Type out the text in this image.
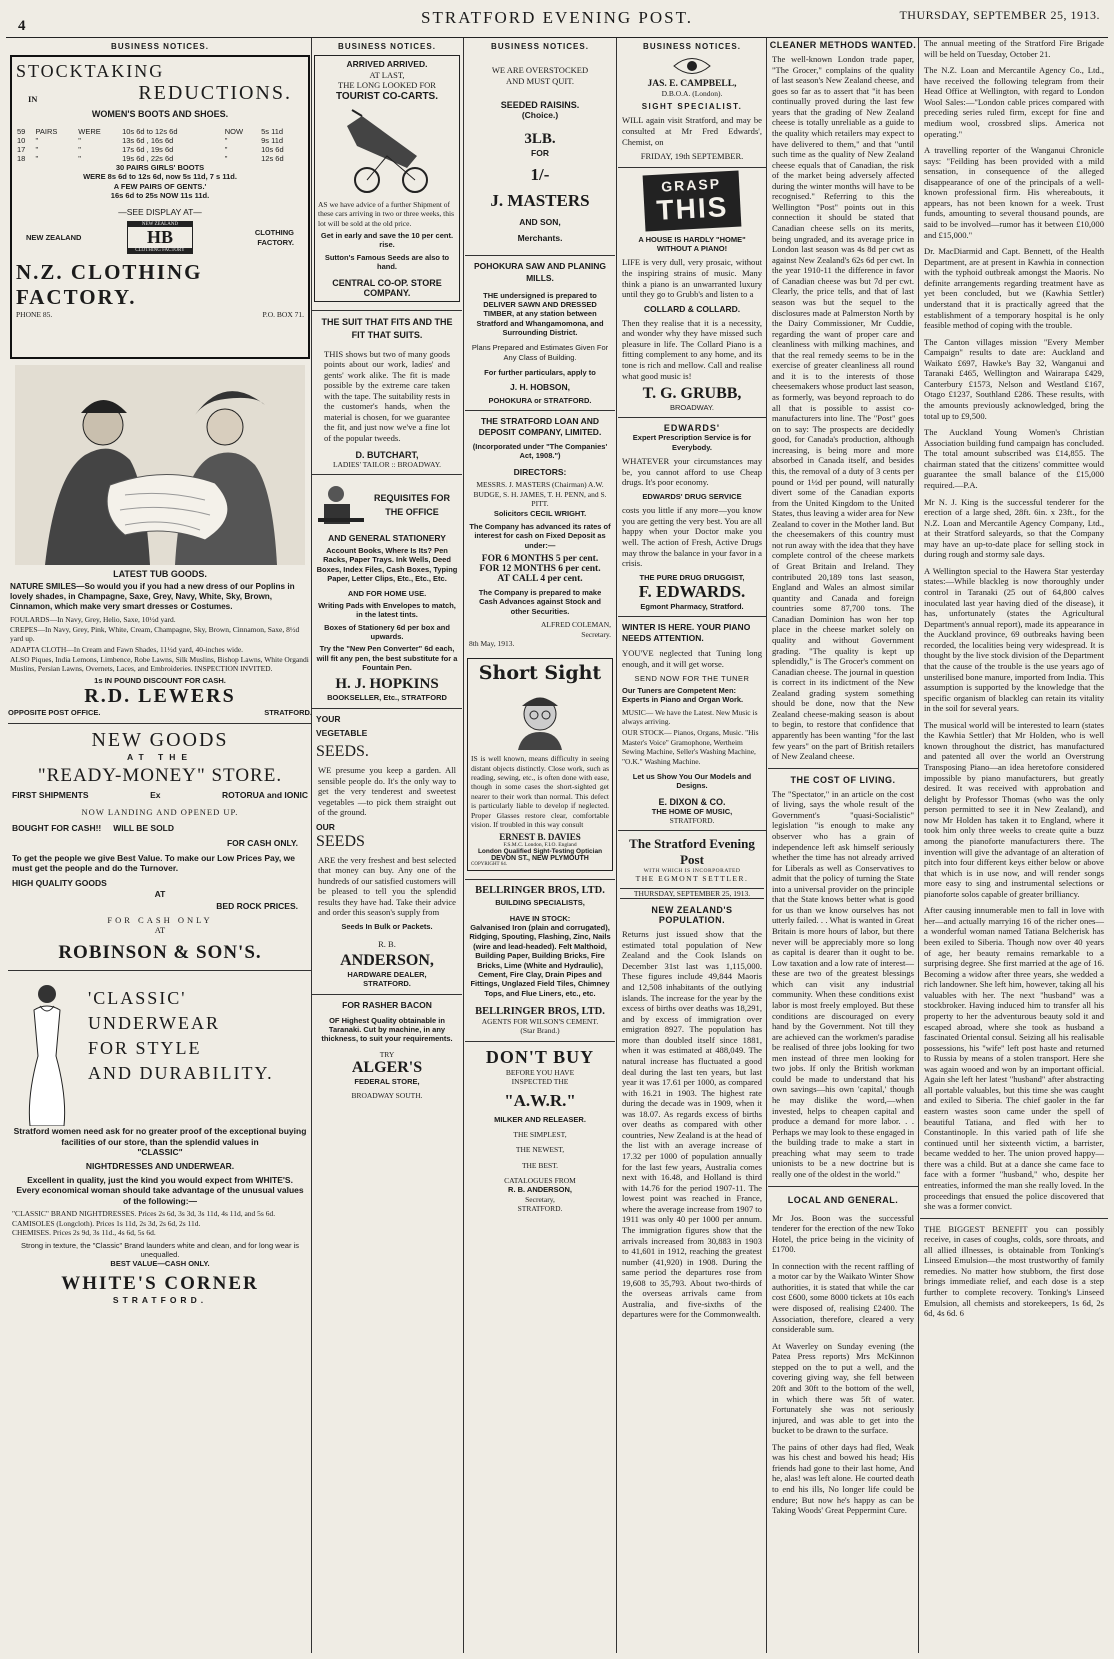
4	STRATFORD EVENING POST.	THURSDAY, SEPTEMBER 25, 1913.
BUSINESS NOTICES.
STOCKTAKING
IN	REDUCTIONS.
WOMEN'S BOOTS AND SHOES.
59	PAIRS	WERE	10s 6d to 12s 6d	NOW	5s 11d
10	"	"	13s 6d , 16s 6d	"	9s 11d
17	"	"	17s 6d , 19s 6d	"	10s 6d
18	"	"	19s 6d , 22s 6d	"	12s 6d
30 PAIRS GIRLS' BOOTS
WERE 8s 6d to 12s 6d, now 5s 11d, 7 s 11d.
A FEW PAIRS OF GENTS.'
16s 6d to 25s NOW 11s 11d.
—SEE DISPLAY AT—
NEW ZEALAND
NEW ZEALAND
HB
CLOTHING FACTORY
CLOTHING FACTORY.
N.Z. CLOTHING FACTORY.
PHONE 85.	P.O. BOX 71.
LATEST TUB GOODS.
NATURE SMILES—So would you if you had a new dress of our Poplins in lovely shades, in Champagne, Saxe, Grey, Navy, White, Sky, Brown, Cinnamon, which make very smart dresses or Costumes.
FOULARDS—In Navy, Grey, Helio, Saxe, 10½d yard.
CREPES—In Navy, Grey, Pink, White, Cream, Champagne, Sky, Brown, Cinnamon, Saxe, 8½d yard up.
ADAPTA CLOTH—In Cream and Fawn Shades, 11½d yard, 40-inches wide.
ALSO Piques, India Lemons, Limbence, Robe Lawns, Silk Muslins, Bishop Lawns, White Organdi Muslins, Persian Lawns, Overnets, Laces, and Embroideries. INSPECTION INVITED.
1s IN POUND DISCOUNT FOR CASH.
R.D. LEWERS
OPPOSITE POST OFFICE.	STRATFORD.
NEW GOODS
AT THE
"READY-MONEY" STORE.
FIRST SHIPMENTS	Ex	ROTORUA and IONIC
NOW LANDING AND OPENED UP.
BOUGHT FOR CASH!! WILL BE SOLD
FOR CASH ONLY.
To get the people we give Best Value. To make our Low Prices Pay, we must get the people and do the Turnover.
HIGH QUALITY GOODS
AT
BED ROCK PRICES.
FOR CASH ONLY
AT
ROBINSON & SON'S.
'CLASSIC'
UNDERWEAR
FOR STYLE
AND DURABILITY.
Stratford women need ask for no greater proof of the exceptional buying facilities of our store, than the splendid values in
"CLASSIC"
NIGHTDRESSES AND UNDERWEAR.
Excellent in quality, just the kind you would expect from WHITE'S.
Every economical woman should take advantage of the unusual values of the following:—
"CLASSIC" BRAND NIGHTDRESSES. Prices 2s 6d, 3s 3d, 3s 11d, 4s 11d, and 5s 6d.
CAMISOLES (Longcloth). Prices 1s 11d, 2s 3d, 2s 6d, 2s 11d.
CHEMISES. Prices 2s 9d, 3s 11d., 4s 6d, 5s 6d.
Strong in texture, the "Classic" Brand launders white and clean, and for long wear is unequalled.
BEST VALUE—CASH ONLY.
WHITE'S CORNER
STRATFORD.
BUSINESS NOTICES.
ARRIVED ARRIVED.
AT LAST,
THE LONG LOOKED FOR
TOURIST CO-CARTS.
AS we have advice of a further Shipment of these cars arriving in two or three weeks, this lot will be sold at the old price.
Get in early and save the 10 per cent. rise.
Sutton's Famous Seeds are also to hand.
CENTRAL CO-OP. STORE COMPANY.
THE SUIT THAT FITS AND THE FIT THAT SUITS.
THIS shows but two of many goods points about our work, ladies' and gents' work alike. The fit is made possible by the extreme care taken with the tape. The suitability rests in the customer's hands, when the material is chosen, for we guarantee the fit, and just now we've a fine lot of the popular tweeds.
D. BUTCHART,
LADIES' TAILOR :: BROADWAY.
REQUISITES FOR THE OFFICE
AND GENERAL STATIONERY
Account Books, Where Is Its? Pen Racks, Paper Trays. Ink Wells, Deed Boxes, Index Files, Cash Boxes, Typing Paper, Letter Clips, Etc., Etc., Etc.
AND FOR HOME USE.
Writing Pads with Envelopes to match, in the latest tints.
Boxes of Stationery 6d per box and upwards.
Try the "New Pen Converter" 6d each, will fit any pen, the best substitute for a Fountain Pen.
H. J. HOPKINS
BOOKSELLER, Etc., STRATFORD
YOUR
VEGETABLE
SEEDS.
WE presume you keep a garden. All sensible people do. It's the only way to get the very tenderest and sweetest vegetables —to pick them straight out of the ground.
OUR
SEEDS
ARE the very freshest and best selected that money can buy. Any one of the hundreds of our satisfied customers will be pleased to tell you the splendid results they have had. Take their advice and order this season's supply from
Seeds In Bulk or Packets.
R. B.
ANDERSON,
HARDWARE DEALER,
STRATFORD.
FOR RASHER BACON
OF Highest Quality obtainable in Taranaki. Cut by machine, in any thickness, to suit your requirements.
TRY
ALGER'S
FEDERAL STORE,
BROADWAY SOUTH.
BUSINESS NOTICES.
WE ARE OVERSTOCKED
AND MUST QUIT.
SEEDED RAISINS.
(Choice.)
3LB.
FOR
1/-
J. MASTERS
AND SON,
Merchants.
POHOKURA SAW AND PLANING MILLS.
THE undersigned is prepared to DELIVER SAWN AND DRESSED TIMBER, at any station between Stratford and Whangamomona, and Surrounding District.
Plans Prepared and Estimates Given For Any Class of Building.
For further particulars, apply to
J. H. HOBSON,
POHOKURA or STRATFORD.
THE STRATFORD LOAN AND DEPOSIT COMPANY, LIMITED.
(Incorporated under "The Companies' Act, 1908.")
DIRECTORS:
MESSRS. J. MASTERS (Chairman) A.W. BUDGE, S. H. JAMES, T. H. PENN, and S. PITT.
Solicitors CECIL WRIGHT.
The Company has advanced its rates of interest for cash on Fixed Deposit as under:—
FOR 6 MONTHS 5 per cent.
FOR 12 MONTHS 6 per cent.
AT CALL 4 per cent.
The Company is prepared to make Cash Advances against Stock and other Securities.
ALFRED COLEMAN,
Secretary.
8th May, 1913.
Short Sight
IS is well known, means difficulty in seeing distant objects distinctly. Close work, such as reading, sewing, etc., is often done with ease, though in some cases the short-sighted get nearer to their work than normal. This defect is particularly liable to develop if neglected. Proper Glasses restore clear, comfortable vision. If troubled in this way consult
ERNEST B. DAVIES
F.S.M.C. London, F.I.O. England
London Qualified Sight-Testing Optician
DEVON ST., NEW PLYMOUTH
COPYRIGHT 64.
BELLRINGER BROS, LTD.
BUILDING SPECIALISTS,
HAVE IN STOCK:
Galvanised Iron (plain and corrugated), Ridging, Spouting, Flashing, Zinc, Nails (wire and lead-headed). Felt Malthoid, Building Paper, Building Bricks, Fire Bricks, Lime (White and Hydraulic), Cement, Fire Clay, Drain Pipes and Fittings, Unglazed Field Tiles, Chimney Tops, and Flue Liners, etc., etc.
BELLRINGER BROS, LTD.
AGENTS FOR WILSON'S CEMENT.
(Star Brand.)
DON'T BUY
BEFORE YOU HAVE
INSPECTED THE
"A.W.R."
MILKER AND RELEASER.
THE SIMPLEST,
THE NEWEST,
THE BEST.
CATALOGUES FROM
R. B. ANDERSON,
Secretary,
STRATFORD.
BUSINESS NOTICES.
JAS. E. CAMPBELL,
D.B.O.A. (London).
SIGHT SPECIALIST.
WILL again visit Stratford, and may be consulted at Mr Fred Edwards', Chemist, on
FRIDAY, 19th SEPTEMBER.
GRASP
THIS
A HOUSE IS HARDLY "HOME" WITHOUT A PIANO!
LIFE is very dull, very prosaic, without the inspiring strains of music. Many think a piano is an unwarranted luxury until they go to Grubb's and listen to a
COLLARD & COLLARD.
Then they realise that it is a necessity, and wonder why they have missed such pleasure in life. The Collard Piano is a fitting complement to any home, and its tone is rich and mellow. Call and realise what good music is!
T. G. GRUBB,
BROADWAY.
EDWARDS'
Expert Prescription Service is for Everybody.
WHATEVER your circumstances may be, you cannot afford to use Cheap drugs. It's poor economy.
EDWARDS' DRUG SERVICE
costs you little if any more—you know you are getting the very best. You are all happy when your Doctor make you well. The action of Fresh, Active Drugs may throw the balance in your favor in a crisis.
THE PURE DRUG DRUGGIST,
F. EDWARDS.
Egmont Pharmacy, Stratford.
WINTER IS HERE. YOUR PIANO NEEDS ATTENTION.
YOU'VE neglected that Tuning long enough, and it will get worse.
SEND NOW FOR THE TUNER
Our Tuners are Competent Men: Experts in Piano and Organ Work.
MUSIC— We have the Latest. New Music is always arriving.
OUR STOCK— Pianos, Organs, Music. "His Master's Voice" Gramophone, Wertheim Sewing Machine, Seller's Washing Machine, "O.K." Washing Machine.
Let us Show You Our Models and Designs.
E. DIXON & CO.
THE HOME OF MUSIC,
STRATFORD.
The Stratford Evening Post
WITH WHICH IS INCORPORATED
THE EGMONT SETTLER.
THURSDAY, SEPTEMBER 25, 1913.
NEW ZEALAND'S POPULATION.
Returns just issued show that the estimated total population of New Zealand and the Cook Islands on December 31st last was 1,115,000. These figures include 49,844 Maoris and 12,508 inhabitants of the outlying islands. The increase for the year by the excess of births over deaths was 18,291, and by excess of immigration over emigration 8927. The population has more than doubled itself since 1881, when it was estimated at 488,049. The natural increase has fluctuated a good deal during the last ten years, but last year it was 17.61 per 1000, as compared with 16.21 in 1903. The highest rate during the decade was in 1909, when it was 18.07. As regards excess of births over deaths as compared with other countries, New Zealand is at the head of the list with an average increase of 17.32 per 1000 of population annually for the last few years, Australia comes next with 16.48, and Holland is third with 14.76 for the period 1907-11. The lowest point was reached in France, where the average increase from 1907 to 1911 was only 40 per 1000 per annum. The immigration figures show that the arrivals increased from 30,883 in 1903 to 41,601 in 1912, reaching the greatest number (41,920) in 1908. During the same period the departures rose from 19,608 to 35,793. About two-thirds of the overseas arrivals came from Australia, and five-sixths of the departures were for the Commonwealth.
CLEANER METHODS WANTED.
The well-known London trade paper, "The Grocer," complains of the quality of last season's New Zealand cheese, and goes so far as to assert that "it has been continually proved during the last few years that the grading of New Zealand cheese is totally unreliable as a guide to the quality which retailers may expect to have delivered to them," and that "until such time as the quality of New Zealand cheese equals that of Canadian, the risk of the market being adversely affected during the winter months will have to be recognised." Referring to this the Wellington "Post" points out in this connection it should be stated that Canadian cheese sells on its merits, being ungraded, and its average price in London last season was 4s 8d per cwt as against New Zealand's 62s 6d per cwt. In the year 1910-11 the difference in favor of Canadian cheese was but 7d per cwt. Clearly, the price tells, and that of last season was but the sequel to the disclosures made at Palmerston North by the Dairy Commissioner, Mr Cuddie, regarding the want of proper care and cleanliness with milking machines, and that the real remedy seems to be in the exercise of greater cleanliness all round and it is to the interests of those cheesemakers whose product last season, as formerly, was beyond reproach to do all that is possible to assist co-manufacturers into line. The "Post" goes on to say: The prospects are decidedly good, for Canada's production, although increasing, is being more and more absorbed in Canada itself, and besides this, the removal of a duty of 3 cents per pound or 1½d per pound, will naturally divert some of the Canadian exports from the United Kingdom to the United States, thus leaving a wider area for New Zealand to cover in the Mother land. But the cheesemakers of this country must not run away with the idea that they have complete control of the cheese markets of Great Britain and Ireland. They contributed 20,189 tons last season, England and Wales an almost similar quantity and Canada and foreign countries some 87,700 tons. The Canadian Dominion has won her top place in the cheese market solely on quality and without Government grading. "The quality is kept up splendidly," is The Grocer's comment on Canadian cheese. The journal in question is correct in its indictment of the New Zealand grading system something should be done, now that the New Zealand cheese-making season is about to begin, to restore that confidence that apparently has been wanting "for the last few years" on the part of British retailers of New Zealand cheese.
THE COST OF LIVING.
The "Spectator," in an article on the cost of living, says the whole result of the Government's "quasi-Socialistic" legislation "is enough to make any observer who has a grain of independence left ask himself seriously whether the time has not already arrived for Liberals as well as Conservatives to admit that the policy of turning the State into a universal provider on the principle that the State knows better what is good for us than we know ourselves has not utterly failed. . . What is wanted in Great Britain is more hours of labor, but there never will be appreciably more so long as capital is dearer than it ought to be. Low taxation and a low rate of interest—these are two of the greatest blessings which can visit any industrial community. When these conditions exist labor is most freely employed. But these conditions are discouraged on every hand by the Government. Not till they are achieved can the workmen's paradise be realised of three jobs looking for two men instead of three men looking for two jobs. If only the British workman could be made to understand that his own savings—his own 'capital,' though he may dislike the word,—when invested, helps to cheapen capital and produce a demand for more labor. . . Perhaps we may look to these engaged in the building trade to make a start in preaching what may seem to trade unionists to be a new doctrine but is really one of the oldest in the world."
LOCAL AND GENERAL.
Mr Jos. Boon was the successful tenderer for the erection of the new Toko Hotel, the price being in the vicinity of £1700.
In connection with the recent raffling of a motor car by the Waikato Winter Show authorities, it is stated that while the car cost £600, some 8000 tickets at 10s each were disposed of, realising £2400. The Association, therefore, cleared a very considerable sum.
At Waverley on Sunday evening (the Patea Press reports) Mrs McKinnon stepped on the to put a well, and the covering giving way, she fell between 20ft and 30ft to the bottom of the well, in which there was 5ft of water. Fortunately she was not seriously injured, and was able to get into the bucket to be drawn to the surface.
The pains of other days had fled, Weak was his chest and bowed his head; His friends had gone to their last home, And he, alas! was left alone. He courted death to end his ills, No longer life could be endure; But now he's happy as can be Taking Woods' Great Peppermint Cure.
The annual meeting of the Stratford Fire Brigade will be held on Tuesday, October 21.
The N.Z. Loan and Mercantile Agency Co., Ltd., have received the following telegram from their Head Office at Wellington, with regard to London Wool Sales:—"London cable prices compared with preceding series ruled firm, except for fine and medium wool, crossbred slips. America not operating."
A travelling reporter of the Wanganui Chronicle says: "Feilding has been provided with a mild sensation, in consequence of the alleged disappearance of one of the principals of a well-known professional firm. His whereabouts, it appears, has not been known for a week. Trust funds, amounting to several thousand pounds, are said to be involved—rumor has it between £10,000 and £15,000."
Dr. MacDiarmid and Capt. Bennett, of the Health Department, are at present in Kawhia in connection with the typhoid outbreak amongst the Maoris. No definite arrangements regarding treatment have as yet been concluded, but we (Kawhia Settler) understand that it is practically agreed that the establishment of a temporary hospital is he only feasible method of coping with the trouble.
The Canton villages mission "Every Member Campaign" results to date are: Auckland and Waikato £697, Hawke's Bay 32, Wanganui and Taranaki £465, Wellington and Wairarapa £429, Canterbury £1573, Nelson and Westland £167, Otago £1237, Southland £286. These results, with the amounts previously acknowledged, bring the total up to £9,500.
The Auckland Young Women's Christian Association building fund campaign has concluded. The total amount subscribed was £14,855. The chairman stated that the citizens' committee would guarantee the small balance of the £15,000 required.—P.A.
Mr N. J. King is the successful tenderer for the erection of a large shed, 28ft. 6in. x 23ft., for the N.Z. Loan and Mercantile Agency Company, Ltd., at their Stratford saleyards, so that the Company may have an up-to-date place for selling stock in during rough and stormy sale days.
A Wellington special to the Hawera Star yesterday states:—While blackleg is now thoroughly under control in Taranaki (25 out of 64,800 calves inoculated last year having died of the disease), it has, unfortunately (states the Agricultural Department's annual report), made its appearance in the Auckland province, 69 outbreaks having been recorded, the localities being very widespread. It is thought by the live stock division of the Department that the cause of the trouble is the use years ago of unsterilised bone manure, imported from India. This assumption is supported by the knowledge that the specific organism of blackleg can retain its vitality in the soil for several years.
The musical world will be interested to learn (states the Kawhia Settler) that Mr Holden, who is well known throughout the district, has manufactured and patented all over the world an Overstrung Transposing Piano—an idea heretofore considered impossible by piano manufacturers, but greatly desired. It was received with approbation and delight by Professor Thomas (who was the only person permitted to see it in New Zealand), and now Mr Holden has taken it to England, where it took him only three weeks to create quite a buzz among the pianoforte manufacturers there. The invention will give the advantage of an alteration of pitch into four different keys either below or above that which is in use now, and will render songs more easy to sing and instrumental selections or pianoforte solos capable of greater brilliancy.
After causing innumerable men to fall in love with her—and actually marrying 16 of the richer ones—a wonderful woman named Tatiana Belcherisk has been exiled to Siberia. Though now over 40 years of age, her beauty remains remarkable to a surprising degree. She first married at the age of 16. Becoming a widow after three years, she wedded a rich landowner. She left him, however, taking all his valuables with her. The next "husband" was a stockbroker. Having induced him to transfer all his property to her the adventurous beauty sold it and escaped abroad, where she took as husband a fascinated Oriental consul. Seizing all his realisable possessions, his "wife" left post haste and returned to Russia by means of a stolen transport. Here she was again wooed and won by an important official. Again she left her latest "husband" after abstracting all portable valuables, but this time she was caught and exiled to Siberia. The chief gaoler in the far eastern wastes soon came under the spell of beautiful Tatiana, and fled with her to Constantinople. In this varied path of life she continued until her sixteenth victim, a barrister, became wedded to her. The union proved happy—there was a child. But at a dance she came face to face with a former "husband," who, despite her entreaties, informed the man she really loved. In the proceedings that ensued the police discovered that she was a former convict.
THE BIGGEST BENEFIT you can possibly receive, in cases of coughs, colds, sore throats, and all allied illnesses, is obtainable from Tonking's Linseed Emulsion—the most trustworthy of family remedies. No matter how stubborn, the first dose brings immediate relief, and each dose is a step further to complete recovery. Tonking's Linseed Emulsion, all chemists and storekeepers, 1s 6d, 2s 6d, 4s 6d. 6
